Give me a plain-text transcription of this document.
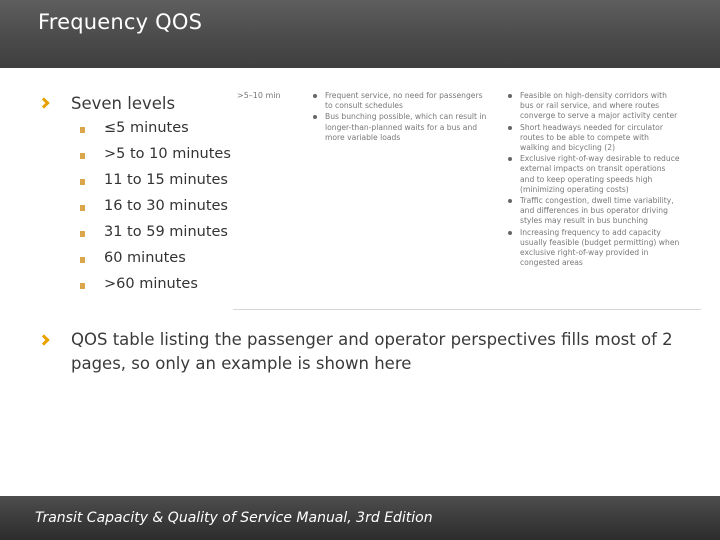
Frequency QOS
Seven levels
≤5 minutes
>5 to 10 minutes
11 to 15 minutes
16 to 30 minutes
31 to 59 minutes
60 minutes
>60 minutes
>5–10 min	Frequent service, no need for passengers
to consult schedules
Bus bunching possible, which can result in
longer-than-planned waits for a bus and
more variable loads
Feasible on high-density corridors with
bus or rail service, and where routes
converge to serve a major activity center
Short headways needed for circulator
routes to be able to compete with
walking and bicycling (2)
Exclusive right-of-way desirable to reduce
external impacts on transit operations
and to keep operating speeds high
(minimizing operating costs)
Traffic congestion, dwell time variability,
and differences in bus operator driving
styles may result in bus bunching
Increasing frequency to add capacity
usually feasible (budget permitting) when
exclusive right-of-way provided in
congested areas
QOS table listing the passenger and operator perspectives fills most of 2
pages, so only an example is shown here
Transit Capacity & Quality of Service Manual, 3rd Edition
